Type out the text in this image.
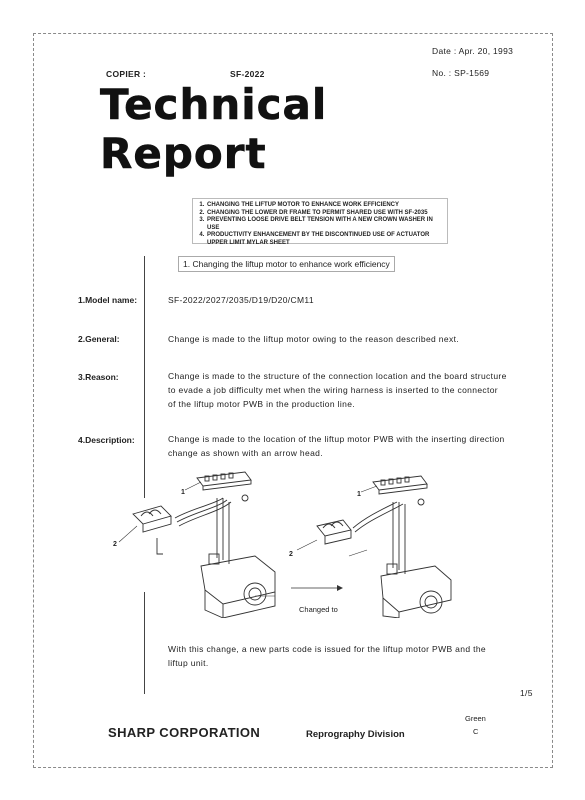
Date : Apr. 20, 1993
No. : SP-1569
COPIER :	SF-2022
Technical Report
1. CHANGING THE LIFTUP MOTOR TO ENHANCE WORK EFFICIENCY
2. CHANGING THE LOWER DR FRAME TO PERMIT SHARED USE WITH SF-2035
3. PREVENTING LOOSE DRIVE BELT TENSION WITH A NEW CROWN WASHER IN USE
4. PRODUCTIVITY ENHANCEMENT BY THE DISCONTINUED USE OF ACTUATOR UPPER LIMIT MYLAR SHEET
1. Changing the liftup motor to enhance work efficiency
1.Model name:	SF-2022/2027/2035/D19/D20/CM11
2.General:	Change is made to the liftup motor owing to the reason described next.
3.Reason:	Change is made to the structure of the connection location and the board structure to evade a job difficulty met when the wiring harness is inserted to the connector of the liftup motor PWB in the production line.
4.Description:	Change is made to the location of the liftup motor PWB with the inserting direction change as shown with an arrow head.
1
2
1
2
Changed to
With this change, a new parts code is issued for the liftup motor PWB and the liftup unit.
1/5
SHARP CORPORATION	Reprography Division
Green
C
